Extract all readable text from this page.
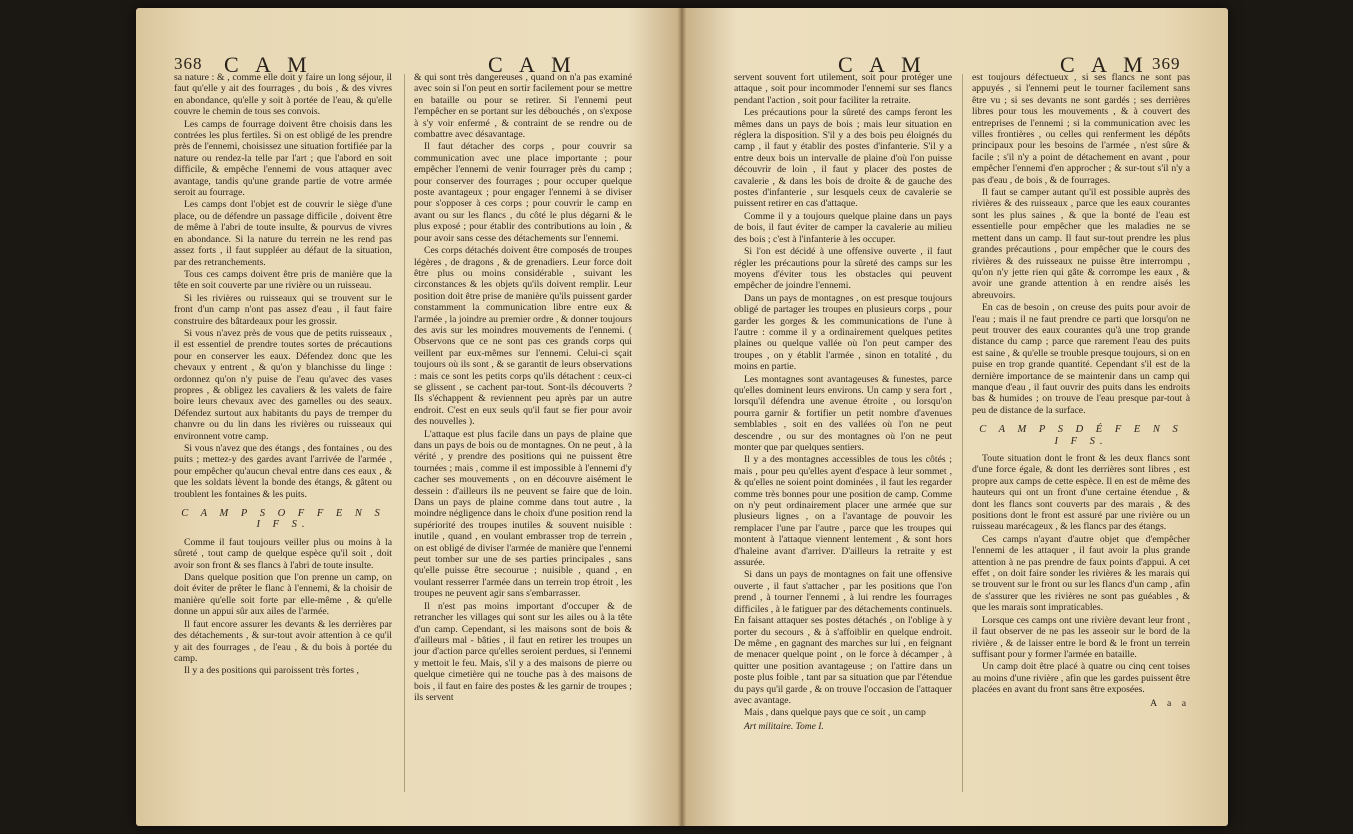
368 C A M	C A M

sa nature : & , comme elle doit y faire un long séjour, il faut qu'elle y ait des fourrages , du bois , & des vivres en abondance, qu'elle y soit à portée de l'eau, & qu'elle couvre le chemin de tous ses convois.

Les camps de fourrage doivent être choisis dans les contrées les plus fertiles. Si on est obligé de les prendre près de l'ennemi, choisissez une situation fortifiée par la nature ou rendez-la telle par l'art ; que l'abord en soit difficile, & empêche l'ennemi de vous attaquer avec avantage, tandis qu'une grande partie de votre armée seroit au fourrage.

Les camps dont l'objet est de couvrir le siège d'une place, ou de défendre un passage difficile , doivent être de même à l'abri de toute insulte, & pourvus de vivres en abondance. Si la nature du terrein ne les rend pas assez forts , il faut suppléer au défaut de la situation, par des retranchements.

Tous ces camps doivent être pris de manière que la tête en soit couverte par une rivière ou un ruisseau.

Si les rivières ou ruisseaux qui se trouvent sur le front d'un camp n'ont pas assez d'eau , il faut faire construire des bâtardeaux pour les grossir.

Si vous n'avez près de vous que de petits ruisseaux , il est essentiel de prendre toutes sortes de précautions pour en conserver les eaux. Défendez donc que les chevaux y entrent , & qu'on y blanchisse du linge : ordonnez qu'on n'y puise de l'eau qu'avec des vases propres , & obligez les cavaliers & les valets de faire boire leurs chevaux avec des gamelles ou des seaux. Défendez surtout aux habitants du pays de tremper du chanvre ou du lin dans les rivières ou ruisseaux qui environnent votre camp.

Si vous n'avez que des étangs , des fontaines , ou des puits ; mettez-y des gardes avant l'arrivée de l'armée , pour empêcher qu'aucun cheval entre dans ces eaux , & que les soldats lèvent la bonde des étangs, & gâtent ou troublent les fontaines & les puits.

C A M P S O F F E N S I F S.

Comme il faut toujours veiller plus ou moins à la sûreté , tout camp de quelque espèce qu'il soit , doit avoir son front & ses flancs à l'abri de toute insulte.

Dans quelque position que l'on prenne un camp, on doit éviter de prêter le flanc à l'ennemi, & la choisir de manière qu'elle soit forte par elle-même , & qu'elle donne un appui sûr aux ailes de l'armée.

Il faut encore assurer les devants & les derrières par des détachements , & sur-tout avoir attention à ce qu'il y ait des fourrages , de l'eau , & du bois à portée du camp.

Il y a des positions qui paroissent très fortes ,

& qui sont très dangereuses , quand on n'a pas examiné avec soin si l'on peut en sortir facilement pour se mettre en bataille ou pour se retirer. Si l'ennemi peut l'empêcher en se portant sur les débouchés , on s'expose à s'y voir enfermé , & contraint de se rendre ou de combattre avec désavantage.

Il faut détacher des corps , pour couvrir sa communication avec une place importante ; pour empêcher l'ennemi de venir fourrager près du camp ; pour conserver des fourrages ; pour occuper quelque poste avantageux ; pour engager l'ennemi à se diviser pour s'opposer à ces corps ; pour couvrir le camp en avant ou sur les flancs , du côté le plus dégarni & le plus exposé ; pour établir des contributions au loin , & pour avoir sans cesse des détachements sur l'ennemi.

Ces corps détachés doivent être composés de troupes légères , de dragons , & de grenadiers. Leur force doit être plus ou moins considérable , suivant les circonstances & les objets qu'ils doivent remplir. Leur position doit être prise de manière qu'ils puissent garder constamment la communication libre entre eux & l'armée , la joindre au premier ordre , & donner toujours des avis sur les moindres mouvements de l'ennemi. ( Observons que ce ne sont pas ces grands corps qui veillent par eux-mêmes sur l'ennemi. Celui-ci sçait toujours où ils sont , & se garantit de leurs observations : mais ce sont les petits corps qu'ils détachent : ceux-ci se glissent , se cachent par-tout. Sont-ils découverts ? Ils s'échappent & reviennent peu après par un autre endroit. C'est en eux seuls qu'il faut se fier pour avoir des nouvelles ).

L'attaque est plus facile dans un pays de plaine que dans un pays de bois ou de montagnes. On ne peut , à la vérité , y prendre des positions qui ne puissent être tournées ; mais , comme il est impossible à l'ennemi d'y cacher ses mouvements , on en découvre aisément le dessein : d'ailleurs ils ne peuvent se faire que de loin. Dans un pays de plaine comme dans tout autre , la moindre négligence dans le choix d'une position rend la supériorité des troupes inutiles & souvent nuisible : inutile , quand , en voulant embrasser trop de terrein , on est obligé de diviser l'armée de manière que l'ennemi peut tomber sur une de ses parties principales , sans qu'elle puisse être secourue ; nuisible , quand , en voulant resserrer l'armée dans un terrein trop étroit , les troupes ne peuvent agir sans s'embarrasser.

Il n'est pas moins important d'occuper & de retrancher les villages qui sont sur les ailes ou à la tête d'un camp. Cependant, si les maisons sont de bois & d'ailleurs mal - bâties , il faut en retirer les troupes un jour d'action parce qu'elles seroient perdues, si l'ennemi y mettoit le feu. Mais, s'il y a des maisons de pierre ou quelque cimetière qui ne touche pas à des maisons de bois , il faut en faire des postes & les garnir de troupes ; ils servent

C A M	C A M 369

servent souvent fort utilement, soit pour protéger une attaque , soit pour incommoder l'ennemi sur ses flancs pendant l'action , soit pour faciliter la retraite.

Les précautions pour la sûreté des camps feront les mêmes dans un pays de bois ; mais leur situation en réglera la disposition. S'il y a des bois peu éloignés du camp , il faut y établir des postes d'infanterie. S'il y a entre deux bois un intervalle de plaine d'où l'on puisse découvrir de loin , il faut y placer des postes de cavalerie , & dans les bois de droite & de gauche des postes d'infanterie , sur lesquels ceux de cavalerie se puissent retirer en cas d'attaque.

Comme il y a toujours quelque plaine dans un pays de bois, il faut éviter de camper la cavalerie au milieu des bois ; c'est à l'infanterie à les occuper.

Si l'on est décidé à une offensive ouverte , il faut régler les précautions pour la sûreté des camps sur les moyens d'éviter tous les obstacles qui peuvent empêcher de joindre l'ennemi.

Dans un pays de montagnes , on est presque toujours obligé de partager les troupes en plusieurs corps , pour garder les gorges & les communications de l'une à l'autre : comme il y a ordinairement quelques petites plaines ou quelque vallée où l'on peut camper des troupes , on y établit l'armée , sinon en totalité , du moins en partie.

Les montagnes sont avantageuses & funestes, parce qu'elles dominent leurs environs. Un camp y sera fort , lorsqu'il défendra une avenue étroite , ou lorsqu'on pourra garnir & fortifier un petit nombre d'avenues semblables , soit en des vallées où l'on ne peut descendre , ou sur des montagnes où l'on ne peut monter que par quelques sentiers.

Il y a des montagnes accessibles de tous les côtés ; mais , pour peu qu'elles ayent d'espace à leur sommet , & qu'elles ne soient point dominées , il faut les regarder comme très bonnes pour une position de camp. Comme on n'y peut ordinairement placer une armée que sur plusieurs lignes , on a l'avantage de pouvoir les remplacer l'une par l'autre , parce que les troupes qui montent à l'attaque viennent lentement , & sont hors d'haleine avant d'arriver. D'ailleurs la retraite y est assurée.

Si dans un pays de montagnes on fait une offensive ouverte , il faut s'attacher , par les positions que l'on prend , à tourner l'ennemi , à lui rendre les fourrages difficiles , à le fatiguer par des détachements continuels. En faisant attaquer ses postes détachés , on l'oblige à y porter du secours , & à s'affoiblir en quelque endroit. De même , en gagnant des marches sur lui , en feignant de menacer quelque point , on le force à décamper , à quitter une position avantageuse ; on l'attire dans un poste plus foible , tant par sa situation que par l'étendue du pays qu'il garde , & on trouve l'occasion de l'attaquer avec avantage.

Mais , dans quelque pays que ce soit , un camp

Art militaire. Tome I.

est toujours défectueux , si ses flancs ne sont pas appuyés , si l'ennemi peut le tourner facilement sans être vu ; si ses devants ne sont gardés ; ses derrières libres pour tous les mouvements , & à couvert des entreprises de l'ennemi ; si la communication avec les villes frontières , ou celles qui renferment les dépôts principaux pour les besoins de l'armée , n'est sûre & facile ; s'il n'y a point de détachement en avant , pour empêcher l'ennemi d'en approcher ; & sur-tout s'il n'y a pas d'eau , de bois , & de fourrages.

Il faut se camper autant qu'il est possible auprès des rivières & des ruisseaux , parce que les eaux courantes sont les plus saines , & que la bonté de l'eau est essentielle pour empêcher que les maladies ne se mettent dans un camp. Il faut sur-tout prendre les plus grandes précautions , pour empêcher que le cours des rivières & des ruisseaux ne puisse être interrompu , qu'on n'y jette rien qui gâte & corrompe les eaux , & avoir une grande attention à en rendre aisés les abreuvoirs.

En cas de besoin , on creuse des puits pour avoir de l'eau ; mais il ne faut prendre ce parti que lorsqu'on ne peut trouver des eaux courantes qu'à une trop grande distance du camp ; parce que rarement l'eau des puits est saine , & qu'elle se trouble presque toujours, si on en puise en trop grande quantité. Cependant s'il est de la dernière importance de se maintenir dans un camp qui manque d'eau , il faut ouvrir des puits dans les endroits bas & humides ; on trouve de l'eau presque par-tout à peu de distance de la surface.

C A M P S D É F E N S I F S.

Toute situation dont le front & les deux flancs sont d'une force égale, & dont les derrières sont libres , est propre aux camps de cette espèce. Il en est de même des hauteurs qui ont un front d'une certaine étendue , & dont les flancs sont couverts par des marais , & des positions dont le front est assuré par une rivière ou un ruisseau marécageux , & les flancs par des étangs.

Ces camps n'ayant d'autre objet que d'empêcher l'ennemi de les attaquer , il faut avoir la plus grande attention à ne pas prendre de faux points d'appui. A cet effet , on doit faire sonder les rivières & les marais qui se trouvent sur le front ou sur les flancs d'un camp , afin de s'assurer que les rivières ne sont pas guéables , & que les marais sont impraticables.

Lorsque ces camps ont une rivière devant leur front , il faut observer de ne pas les asseoir sur le bord de la rivière , & de laisser entre le bord & le front un terrein suffisant pour y former l'armée en bataille.

Un camp doit être placé à quatre ou cinq cent toises au moins d'une rivière , afin que les gardes puissent être placées en avant du front sans être exposées.

A a a
